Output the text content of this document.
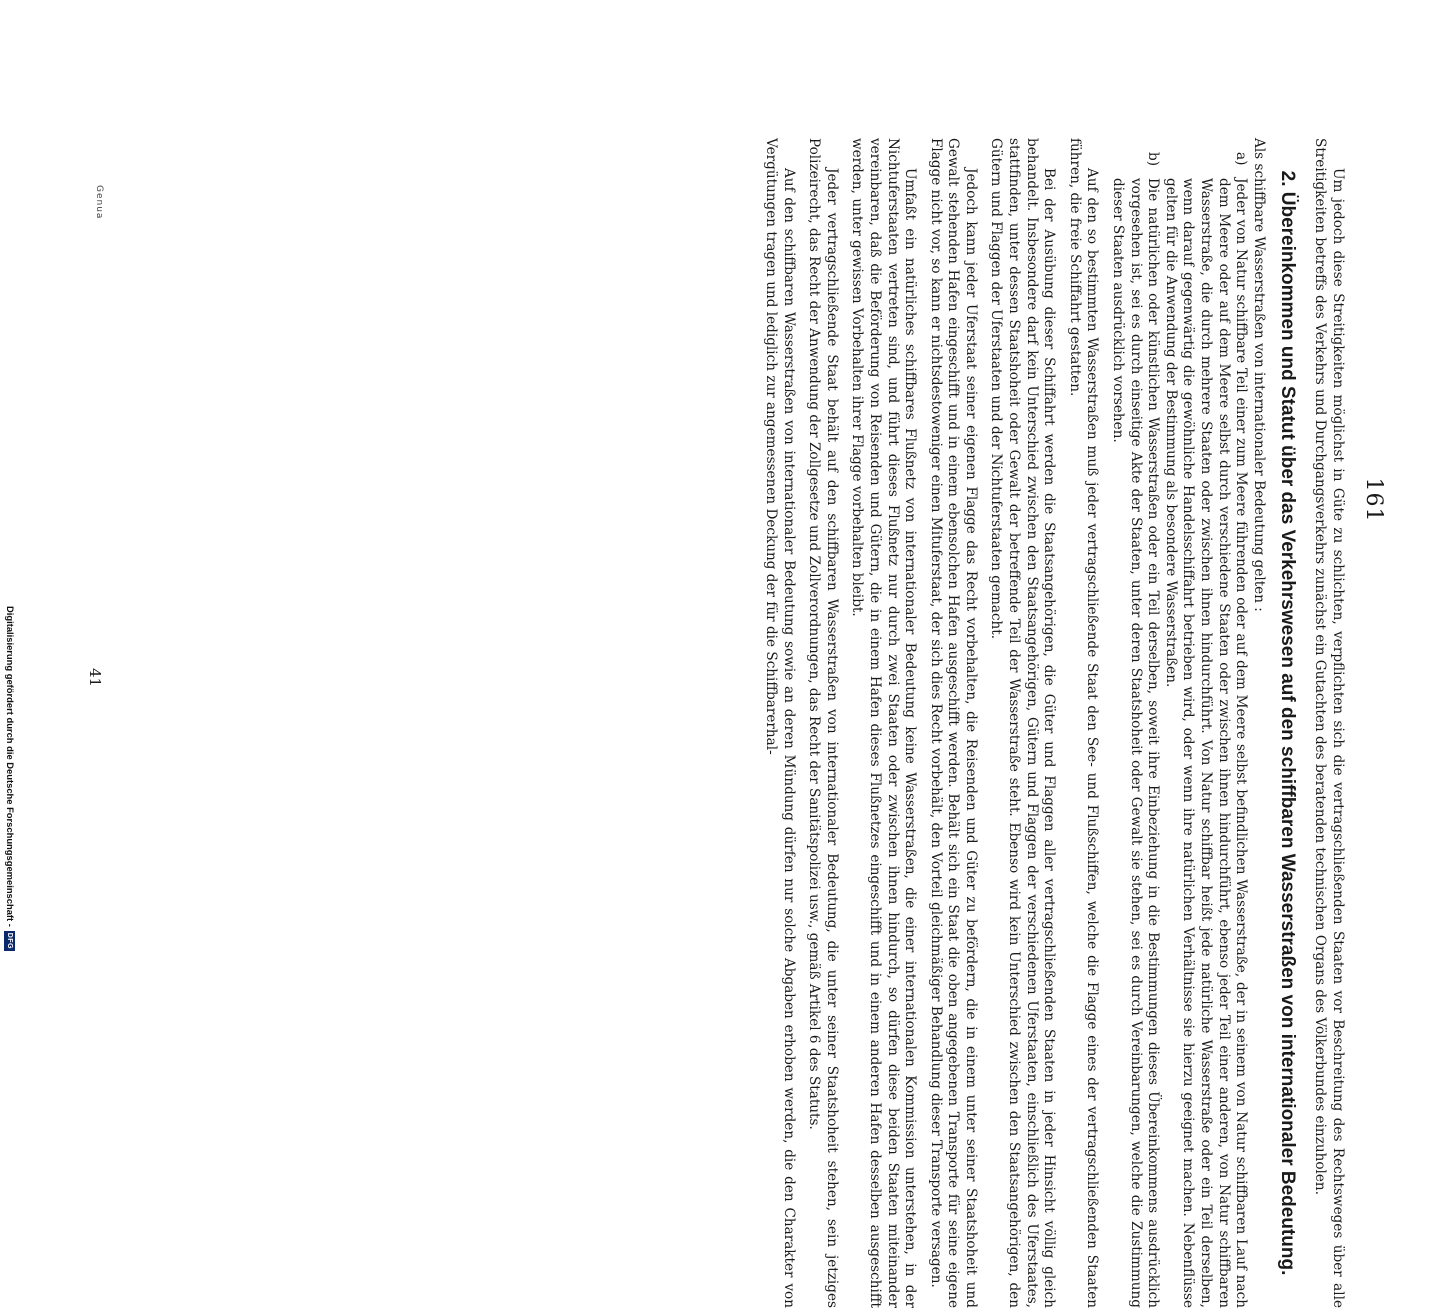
161

Um jedoch diese Streitigkeiten möglichst in Güte zu schlichten, verpflichten sich die vertragschließenden Staaten vor Beschreitung des Rechtsweges über alle Streitigkeiten betreffs des Verkehrs und Durchgangsverkehrs zunächst ein Gutachten des beratenden technischen Organs des Völkerbundes einzuholen.

2. Übereinkommen und Statut über das Verkehrswesen auf den schiffbaren Wasserstraßen von internationaler Bedeutung.

Als schiffbare Wasserstraßen von internationaler Bedeutung gelten :

a)

Jeder von Natur schiffbare Teil einer zum Meere führenden oder auf dem Meere selbst befindlichen Wasserstraße, der in seinem von Natur schiffbaren Lauf nach dem Meere oder auf dem Meere selbst durch verschiedene Staaten oder zwischen ihnen hindurchführt, ebenso jeder Teil einer anderen, von Natur schiffbaren Wasserstraße, die durch mehrere Staaten oder zwischen ihnen hindurchführt. Von Natur schiffbar heißt jede natürliche Wasserstraße oder ein Teil derselben, wenn darauf gegenwärtig die gewöhnliche Handelsschiffahrt betrieben wird, oder wenn ihre natürlichen Verhältnisse sie hierzu geeignet machen. Nebenflüsse gelten für die Anwendung der Bestimmung als besondere Wasserstraßen.

b)

Die natürlichen oder künstlichen Wasserstraßen oder ein Teil derselben, soweit ihre Einbeziehung in die Bestimmungen dieses Übereinkommens ausdrücklich vorgesehen ist, sei es durch einseitige Akte der Staaten, unter deren Staatshoheit oder Gewalt sie stehen, sei es durch Vereinbarungen, welche die Zustimmung dieser Staaten ausdrücklich vorsehen.

Auf den so bestimmten Wasserstraßen muß jeder vertragschließende Staat den See- und Flußschiffen, welche die Flagge eines der vertragschließenden Staaten führen, die freie Schiffahrt gestatten.

Bei der Ausübung dieser Schiffahrt werden die Staatsangehörigen, die Güter und Flaggen aller vertragschließenden Staaten in jeder Hinsicht völlig gleich behandelt. Insbesondere darf kein Unterschied zwischen den Staatsangehörigen, Gütern und Flaggen der verschiedenen Uferstaaten, einschließlich des Uferstaates, stattfinden, unter dessen Staatshoheit oder Gewalt der betreffende Teil der Wasserstraße steht. Ebenso wird kein Unterschied zwischen den Staatsangehörigen, den Gütern und Flaggen der Uferstaaten und der Nichtuferstaaten gemacht.

Jedoch kann jeder Uferstaat seiner eigenen Flagge das Recht vorbehalten, die Reisenden und Güter zu befördern, die in einem unter seiner Staatshoheit und Gewalt stehenden Hafen eingeschifft und in einem ebensolchen Hafen ausgeschifft werden. Behält sich ein Staat die oben angegebenen Transporte für seine eigene Flagge nicht vor, so kann er nichtsdestoweniger einen Mituferstaat, der sich dies Recht vorbehält, den Vorteil gleichmäßiger Behandlung dieser Transporte versagen.

Umfaßt ein natürliches schiffbares Flußnetz von internationaler Bedeutung keine Wasserstraßen, die einer internationalen Kommission unterstehen, in der Nichtuferstaaten vertreten sind, und führt dieses Flußnetz nur durch zwei Staaten oder zwischen ihnen hindurch, so dürfen diese beiden Staaten miteinander vereinbaren, daß die Beförderung von Reisenden und Gütern, die in einem Hafen dieses Flußnetzes eingeschifft und in einem anderen Hafen desselben ausgeschifft werden, unter gewissen Vorbehalten ihrer Flagge vorbehalten bleibt.

Jeder vertragschließende Staat behält auf den schiffbaren Wasserstraßen von internationaler Bedeutung, die unter seiner Staatshoheit stehen, sein jetziges Polizeirecht, das Recht der Anwendung der Zollgesetze und Zollverordnungen, das Recht der Sanitätspolizei usw., gemäß Artikel 6 des Statuts.

Auf den schiffbaren Wasserstraßen von internationaler Bedeutung sowie an deren Mündung dürfen nur solche Abgaben erhoben werden, die den Charakter von Vergütungen tragen und lediglich zur angemessenen Deckung der für die Schiffbarerhal-

Genua
41
Digitalisierung gefördert durch die Deutsche Forschungsgemeinschaft -
DFG
